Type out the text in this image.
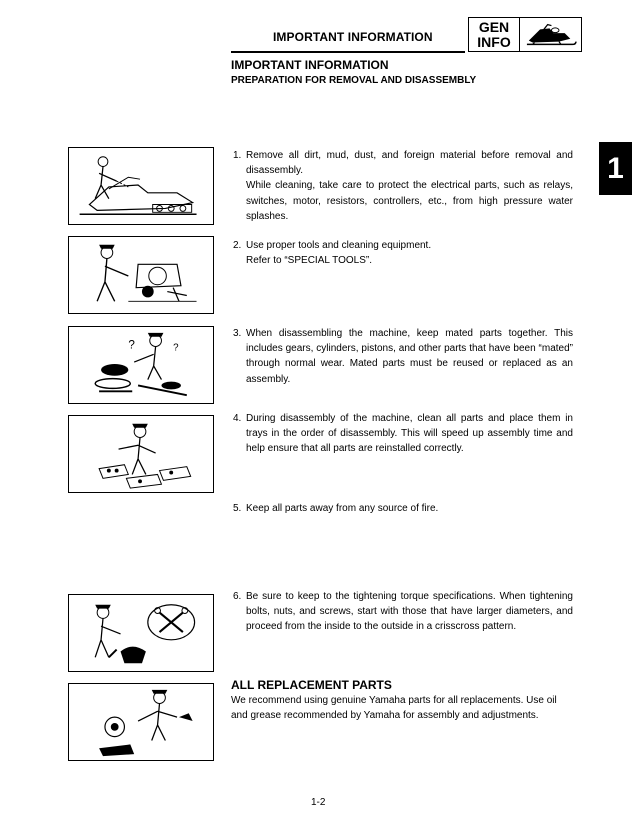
IMPORTANT INFORMATION
GEN
INFO
IMPORTANT INFORMATION
PREPARATION FOR REMOVAL AND DISASSEMBLY
1
?	?
1. Remove all dirt, mud, dust, and foreign material before removal and disassembly.
While cleaning, take care to protect the electrical parts, such as relays, switches, motor, resistors, controllers, etc., from high pressure water splashes.
2. Use proper tools and cleaning equipment.
Refer to “SPECIAL TOOLS”.
3. When disassembling the machine, keep mated parts together. This includes gears, cylinders, pistons, and other parts that have been “mated” through normal wear. Mated parts must be reused or replaced as an assembly.
4. During disassembly of the machine, clean all parts and place them in trays in the order of disassembly. This will speed up assembly time and help ensure that all parts are reinstalled correctly.
5. Keep all parts away from any source of fire.
6. Be sure to keep to the tightening torque specifications. When tightening bolts, nuts, and screws, start with those that have larger diameters, and proceed from the inside to the outside in a crisscross pattern.
ALL REPLACEMENT PARTS
We recommend using genuine Yamaha parts for all replacements. Use oil and grease recommended by Yamaha for assembly and adjustments.
1-2
